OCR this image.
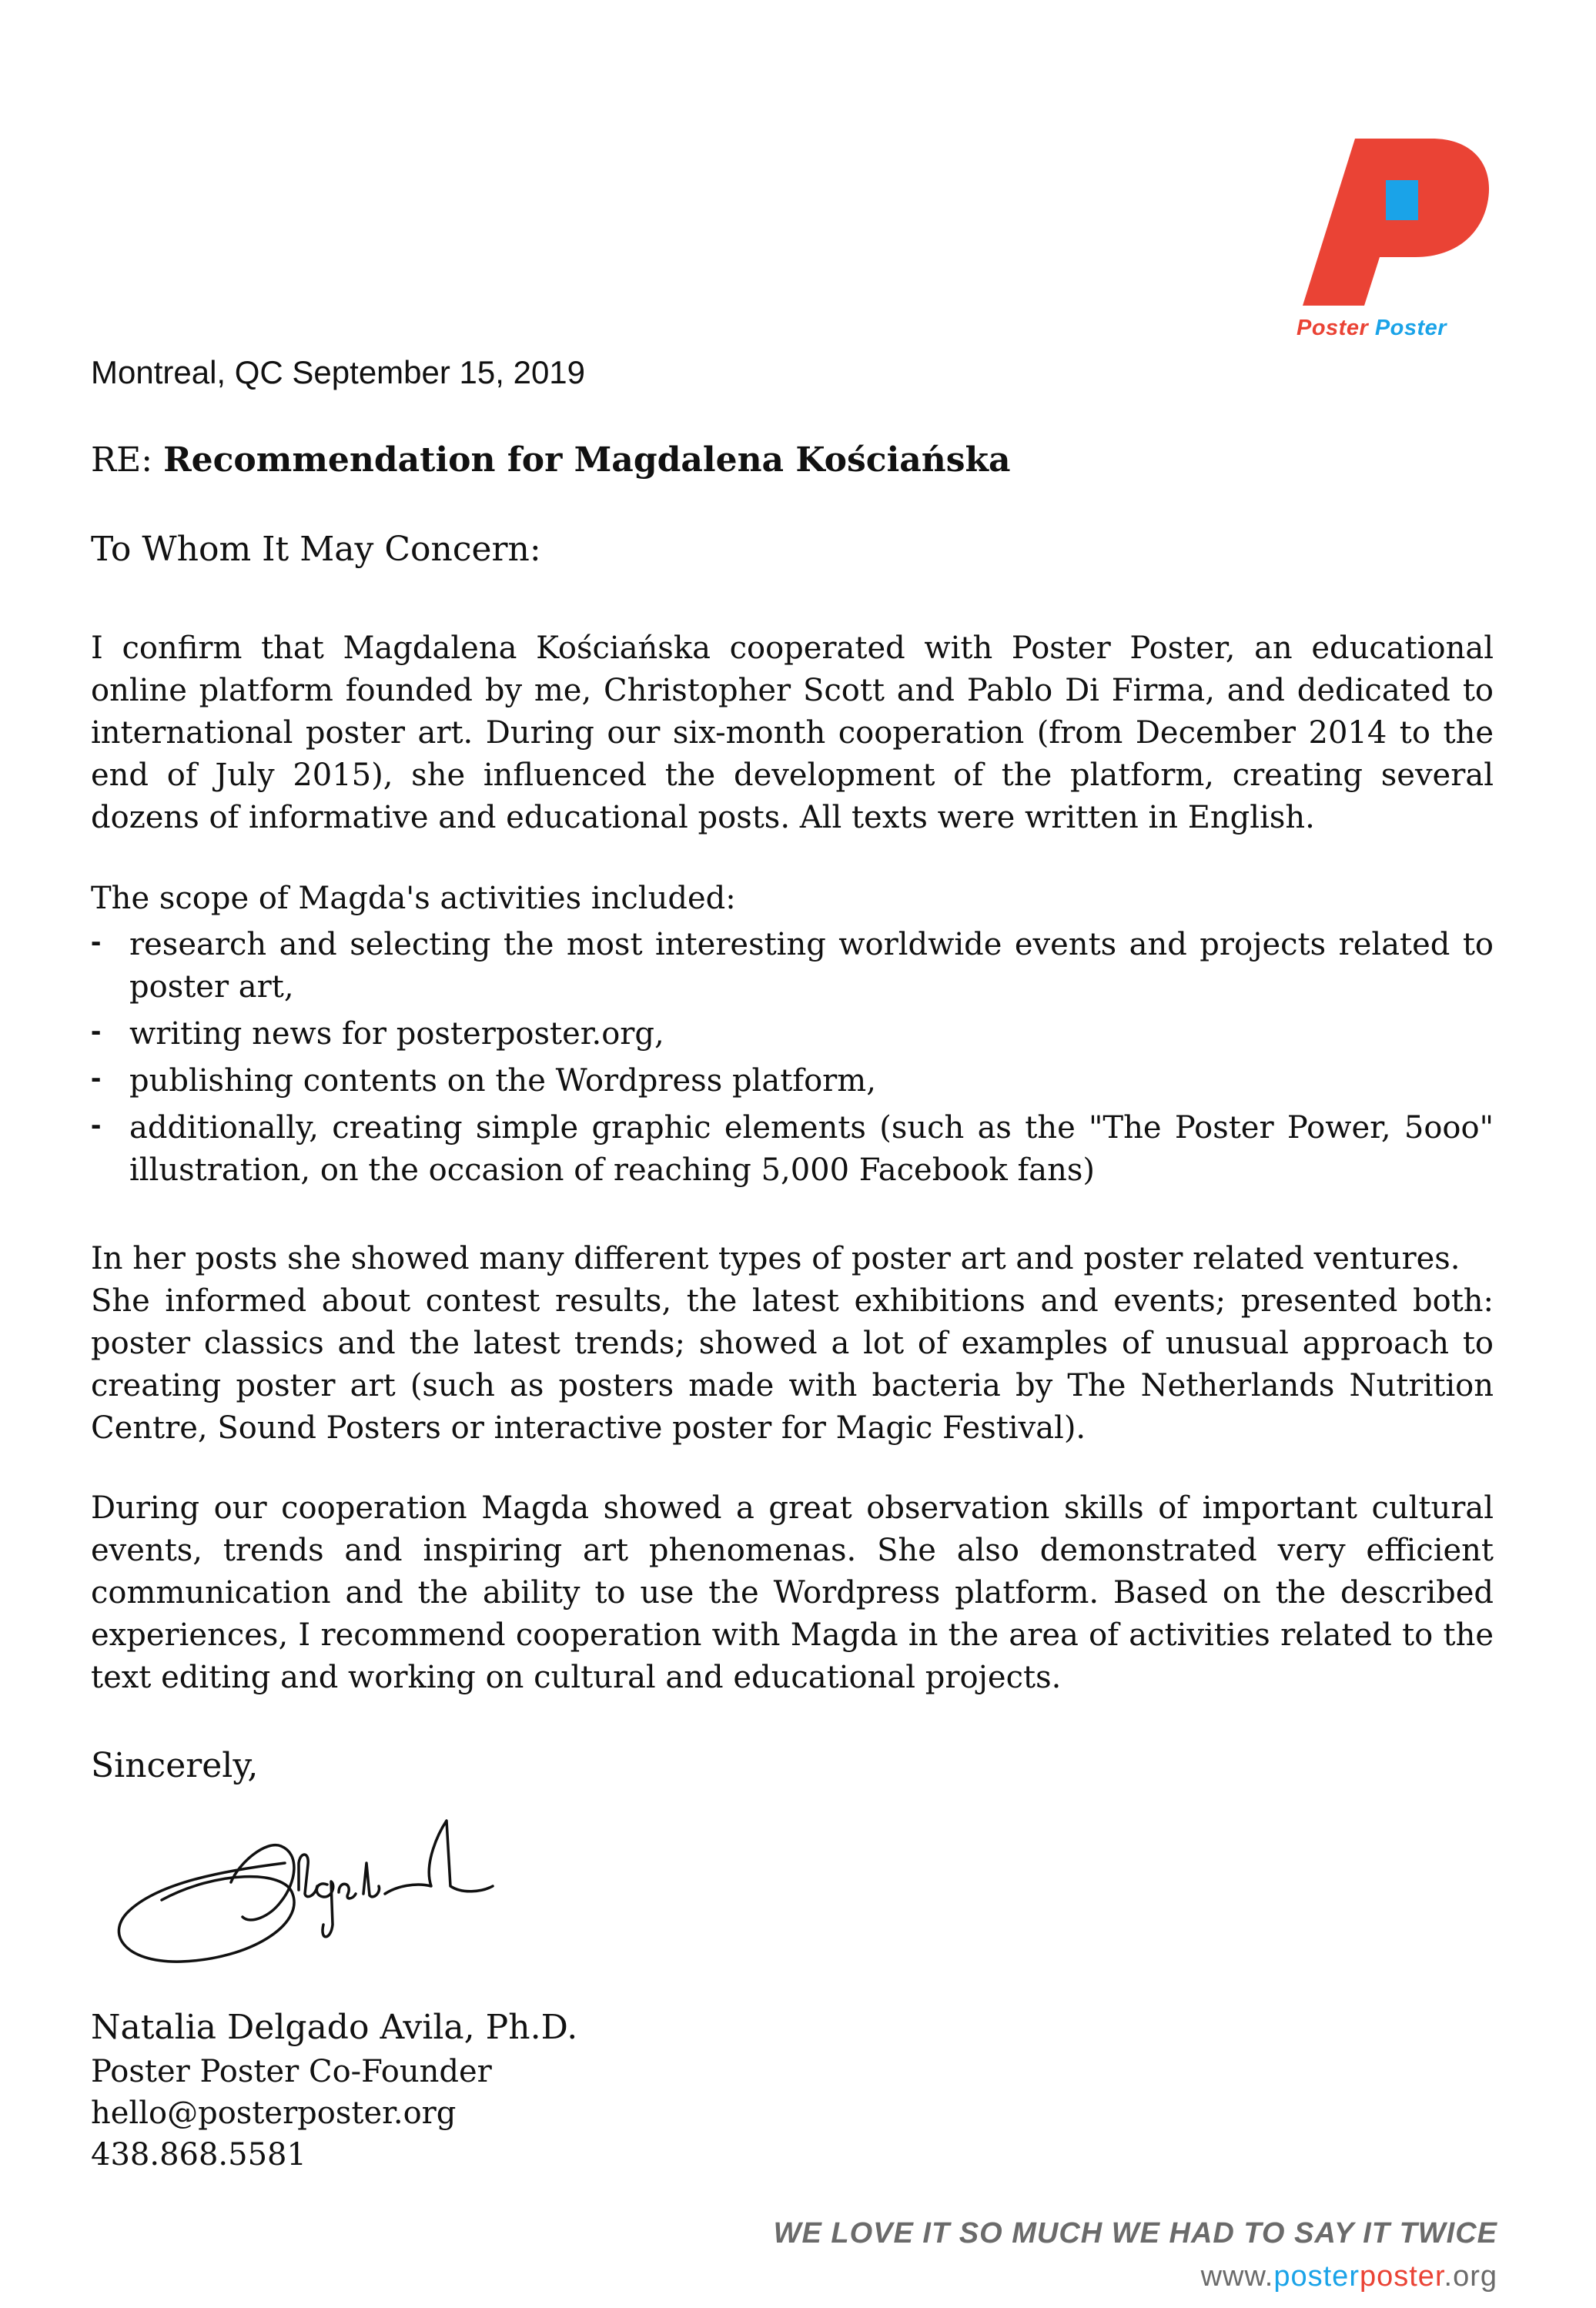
Poster Poster
Montreal, QC September 15, 2019
RE: Recommendation for Magdalena Kościańska
To Whom It May Concern:

I confirm that Magdalena Kościańska cooperated with Poster Poster, an educational online platform founded by me, Christopher Scott and Pablo Di Firma, and dedicated to international poster art. During our six-month cooperation (from December 2014 to the end of July 2015), she influenced the development of the platform, creating several dozens of informative and educational posts. All texts were written in English.

The scope of Magda's activities included:

- research and selecting the most interesting worldwide events and projects related to poster art,
- writing news for posterposter.org,
- publishing contents on the Wordpress platform,
- additionally, creating simple graphic elements (such as the "The Poster Power, 5ooo" illustration, on the occasion of reaching 5,000 Facebook fans)
In her posts she showed many different types of poster art and poster related ventures.
She informed about contest results, the latest exhibitions and events; presented both: poster classics and the latest trends; showed a lot of examples of unusual approach to creating poster art (such as posters made with bacteria by The Netherlands Nutrition Centre, Sound Posters or interactive poster for Magic Festival).

During our cooperation Magda showed a great observation skills of important cultural events, trends and inspiring art phenomenas. She also demonstrated very efficient communication and the ability to use the Wordpress platform. Based on the described experiences, I recommend cooperation with Magda in the area of activities related to the text editing and working on cultural and educational projects.

Sincerely,
Natalia Delgado Avila, Ph.D.
Poster Poster Co-Founder
hello@posterposter.org
438.868.5581
WE LOVE IT SO MUCH WE HAD TO SAY IT TWICE
www.posterposter.org
